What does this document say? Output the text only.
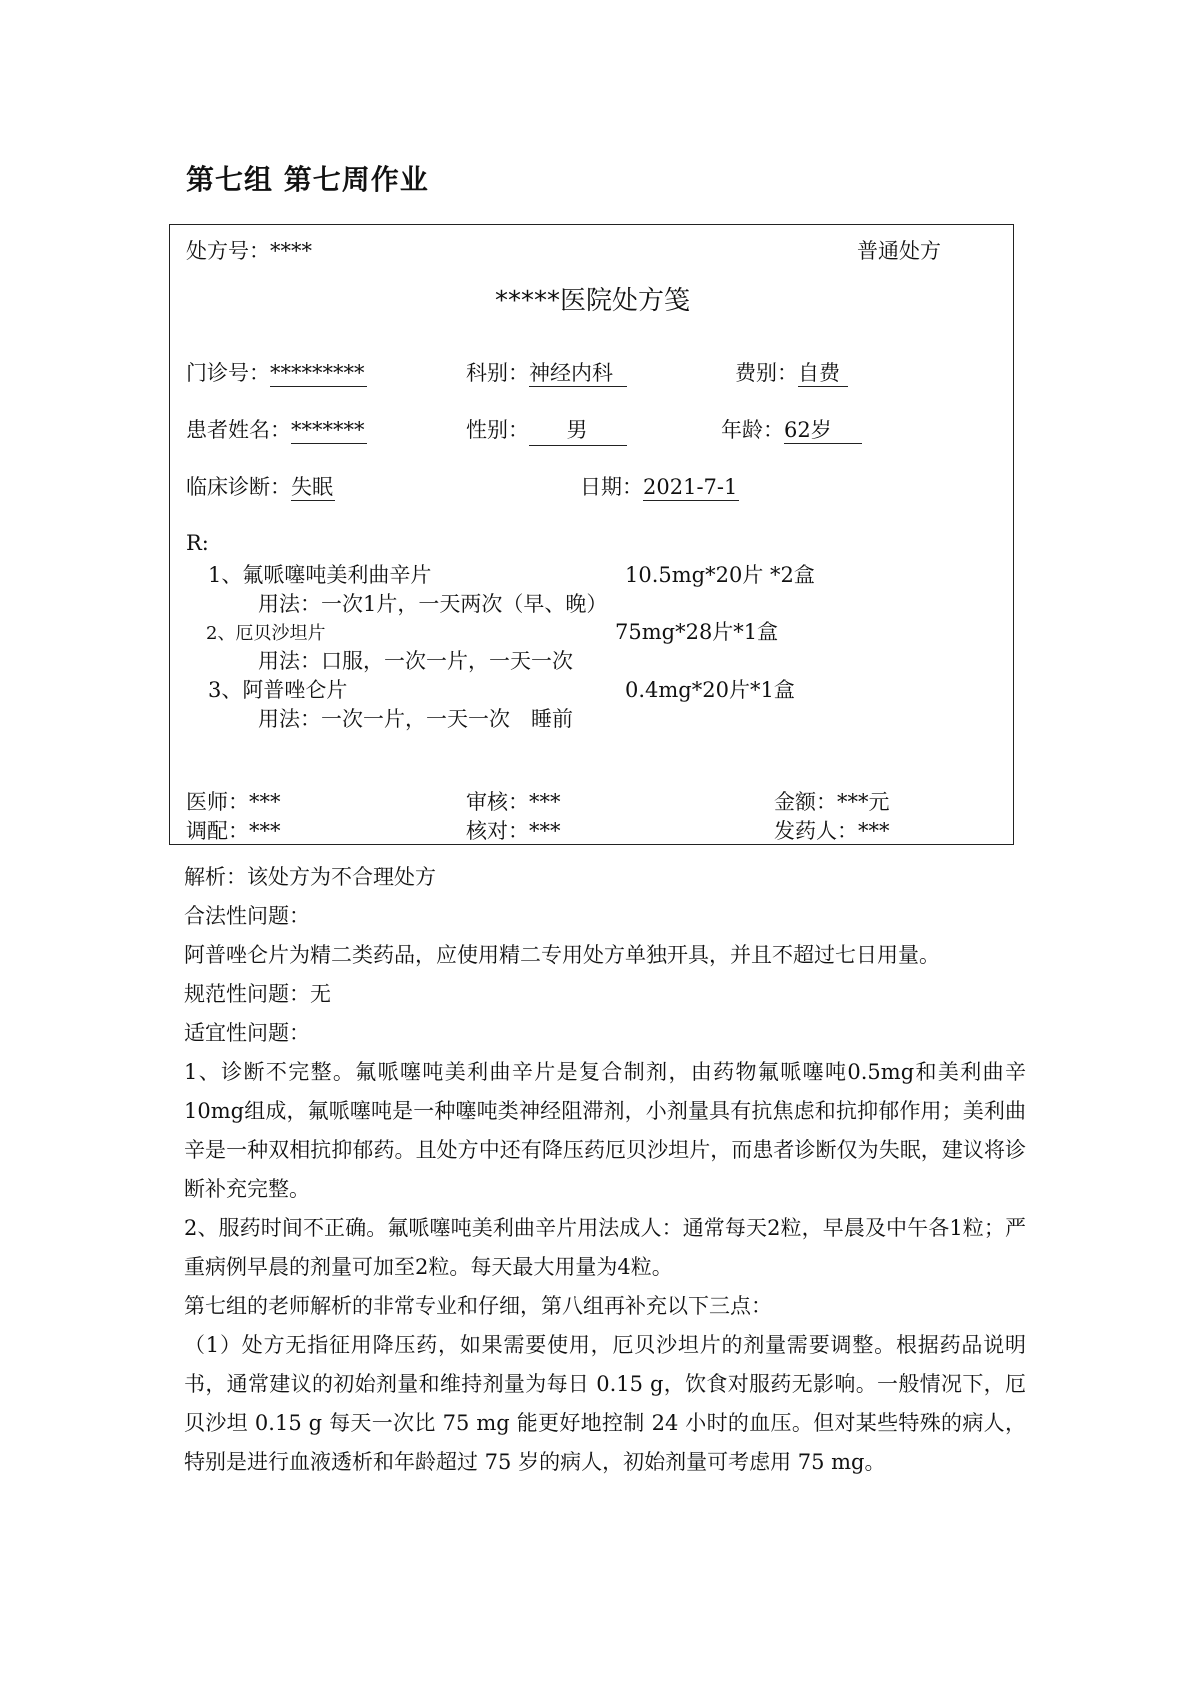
第七组 第七周作业
处方号：****	普通处方
*****医院处方笺
门诊号：*********	科别：神经内科	费别：自费
患者姓名：*******	性别： 男	年龄：62岁
临床诊断：失眠	日期：2021-7-1
R:
1、氟哌噻吨美利曲辛片	10.5mg*20片 *2盒
用法：一次1片，一天两次（早、晚）
2、厄贝沙坦片	75mg*28片*1盒
用法：口服，一次一片，一天一次
3、阿普唑仑片	0.4mg*20片*1盒
用法：一次一片，一天一次　睡前
医师：***	审核：***	金额：***元
调配：***	核对：***	发药人：***

解析：该处方为不合理处方

合法性问题：

阿普唑仑片为精二类药品，应使用精二专用处方单独开具，并且不超过七日用量。

规范性问题：无

适宜性问题：

1、诊断不完整。氟哌噻吨美利曲辛片是复合制剂，由药物氟哌噻吨0.5mg和美利曲辛10mg组成，氟哌噻吨是一种噻吨类神经阻滞剂，小剂量具有抗焦虑和抗抑郁作用；美利曲辛是一种双相抗抑郁药。且处方中还有降压药厄贝沙坦片，而患者诊断仅为失眠，建议将诊断补充完整。

2、服药时间不正确。氟哌噻吨美利曲辛片用法成人：通常每天2粒，早晨及中午各1粒；严重病例早晨的剂量可加至2粒。每天最大用量为4粒。

第七组的老师解析的非常专业和仔细，第八组再补充以下三点：

（1）处方无指征用降压药，如果需要使用，厄贝沙坦片的剂量需要调整。根据药品说明书，通常建议的初始剂量和维持剂量为每日 0.15 g，饮食对服药无影响。一般情况下，厄贝沙坦 0.15 g 每天一次比 75 mg 能更好地控制 24 小时的血压。但对某些特殊的病人，特别是进行血液透析和年龄超过 75 岁的病人，初始剂量可考虑用 75 mg。
